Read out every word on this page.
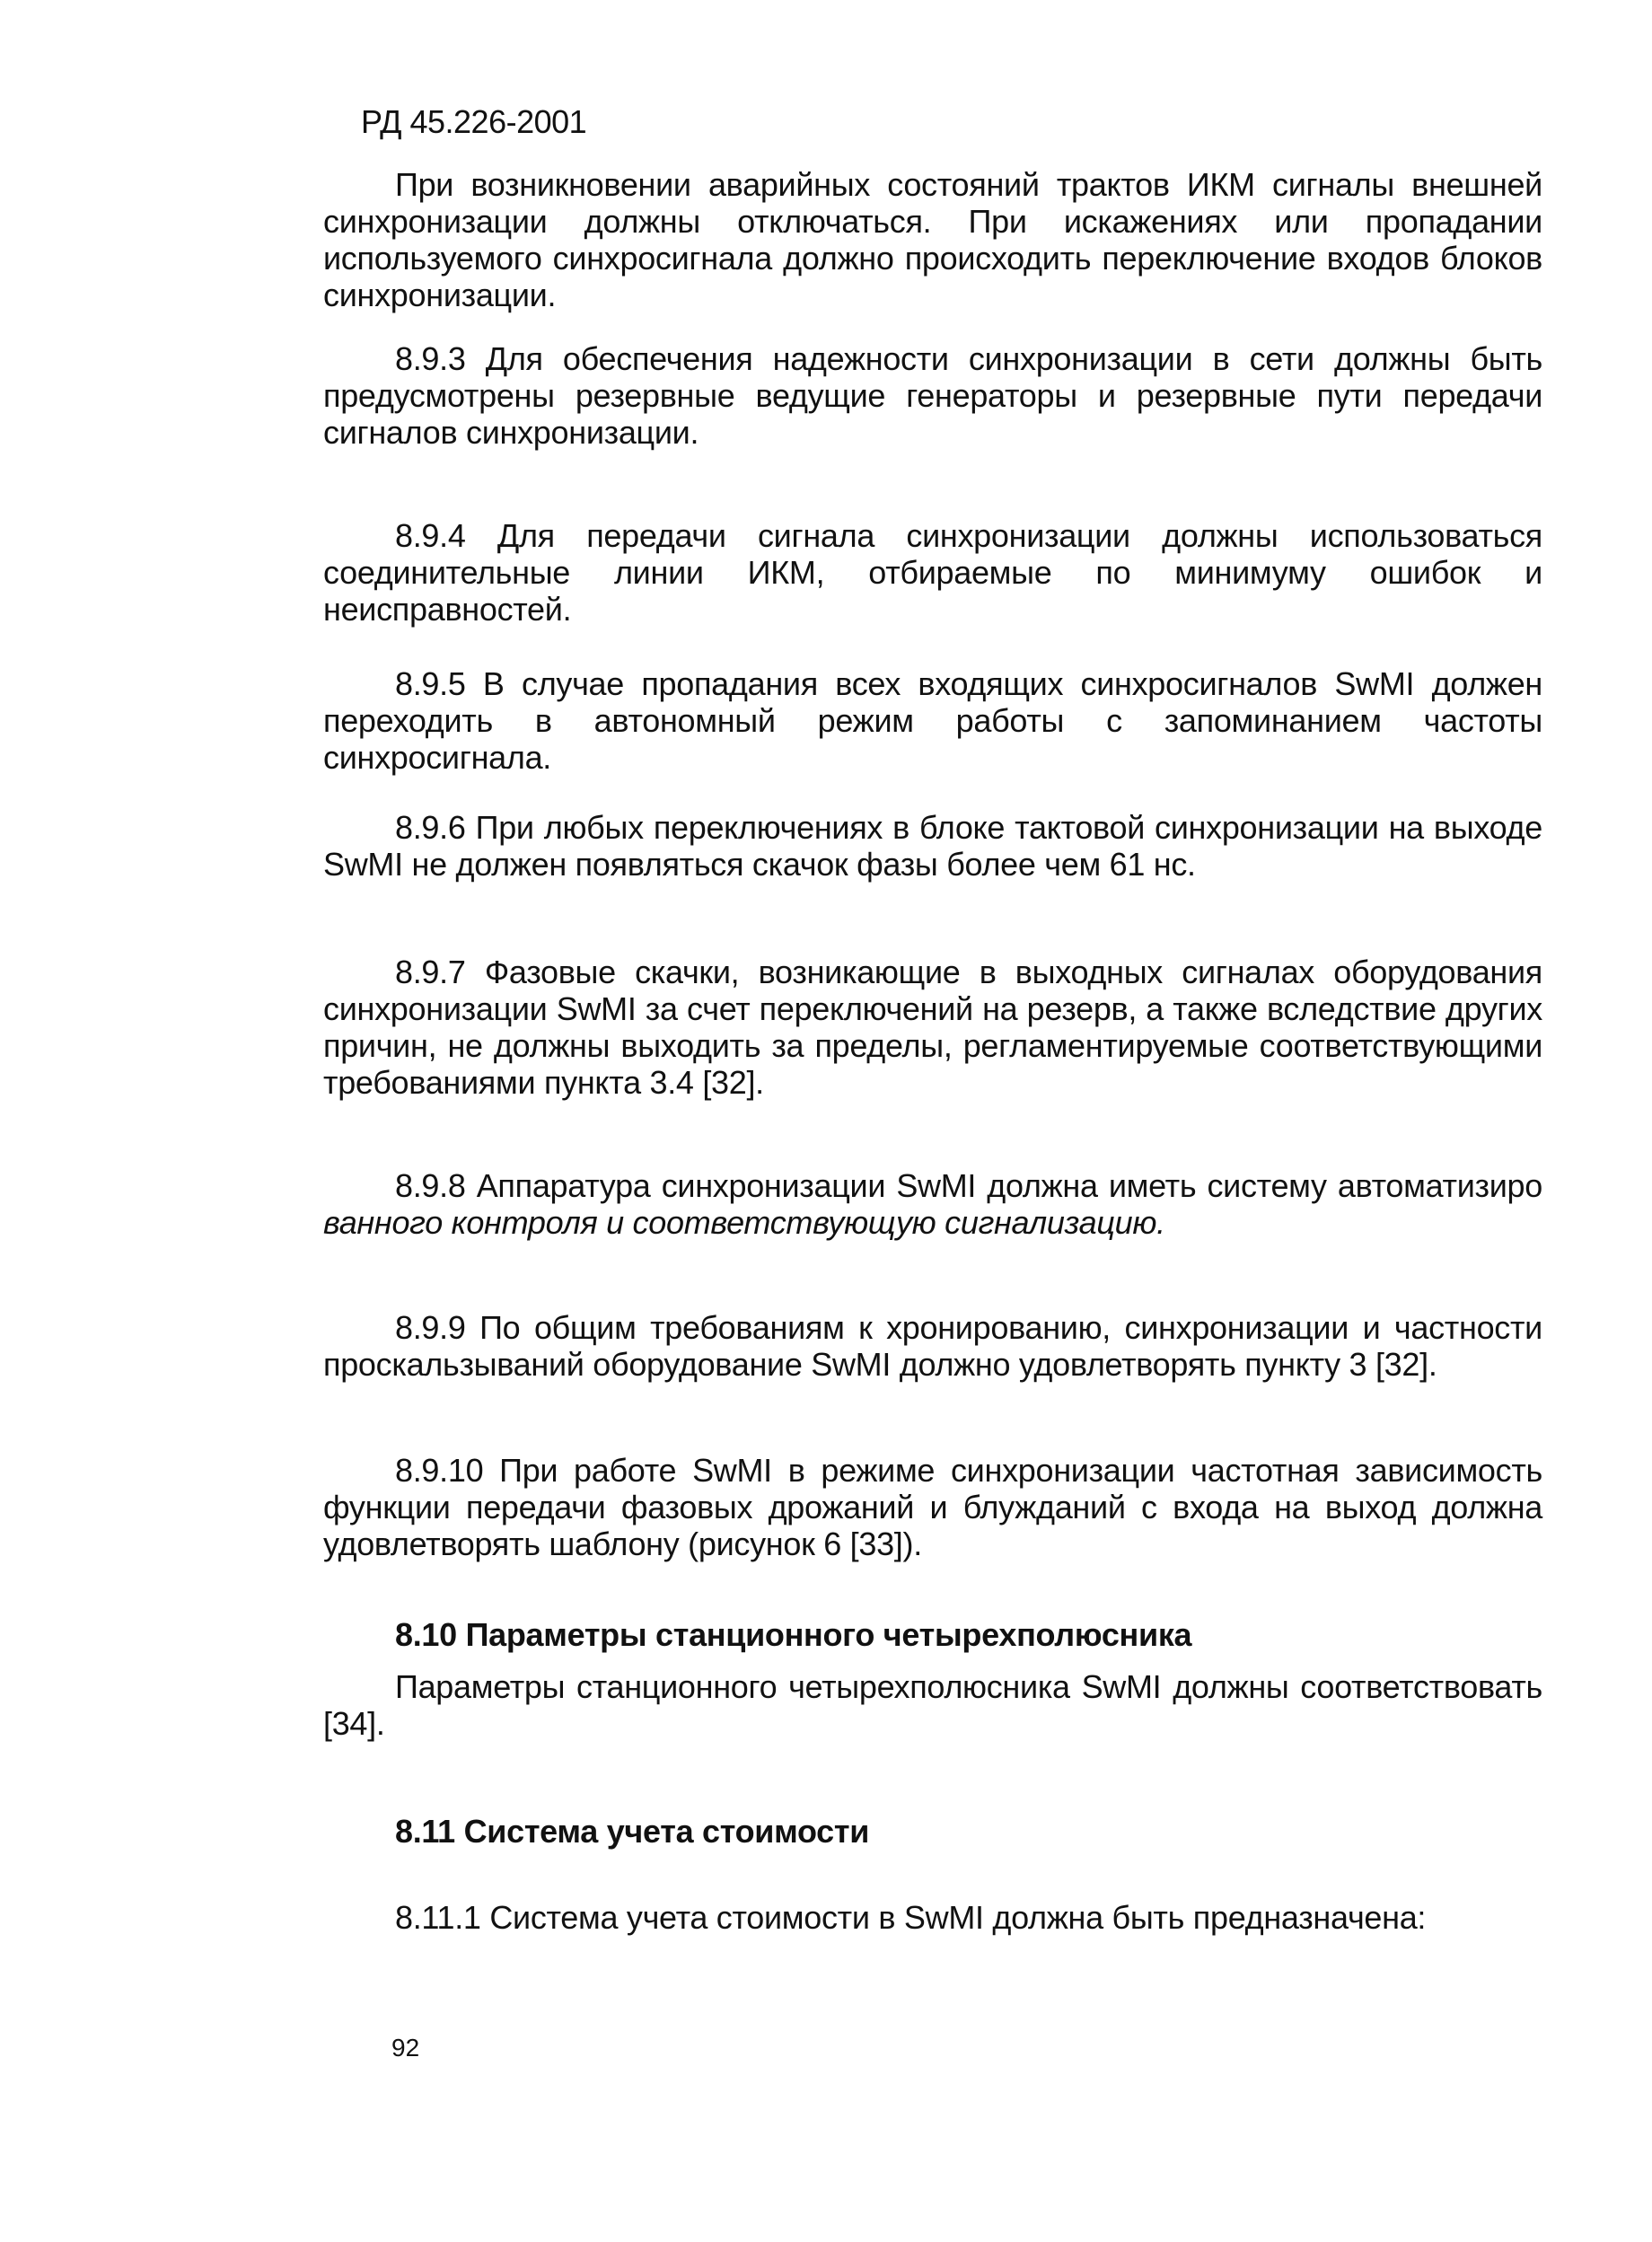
РД 45.226-2001
При возникновении аварийных состояний трактов ИКМ сигналы внешней синхронизации должны отключаться. При искажениях или пропадании используемого синхросигнала должно происходить переключение входов блоков синхронизации.
8.9.3 Для обеспечения надежности синхронизации в сети должны быть предусмотрены резервные ведущие генераторы и резервные пути передачи сигналов синхронизации.
8.9.4 Для передачи сигнала синхронизации должны использоваться соединительные линии ИКМ, отбираемые по минимуму ошибок и неисправностей.
8.9.5 В случае пропадания всех входящих синхросигналов SwMI должен переходить в автономный режим работы с запоминанием частоты синхросигнала.
8.9.6 При любых переключениях в блоке тактовой синхронизации на выходе SwMI не должен появляться скачок фазы более чем 61 нс.
8.9.7 Фазовые скачки, возникающие в выходных сигналах оборудования синхронизации SwMI за счет переключений на резерв, а также вследствие других причин, не должны выходить за пределы, регламентируемые соответствующими требованиями пункта 3.4 [32].
8.9.8 Аппаратура синхронизации SwMI должна иметь систему автоматизиро ванного контроля и соответствующую сигнализацию.
8.9.9 По общим требованиям к хронированию, синхронизации и частности проскальзываний оборудование SwMI должно удовлетворять пункту 3 [32].
8.9.10 При работе SwMI в режиме синхронизации частотная зависимость функции передачи фазовых дрожаний и блужданий с входа на выход должна удовлетворять шаблону (рисунок 6 [33]).
8.10 Параметры станционного четырехполюсника
Параметры станционного четырехполюсника SwMI должны соответствовать [34].
8.11 Система учета стоимости
8.11.1 Система учета стоимости в SwMI должна быть предназначена:
92
